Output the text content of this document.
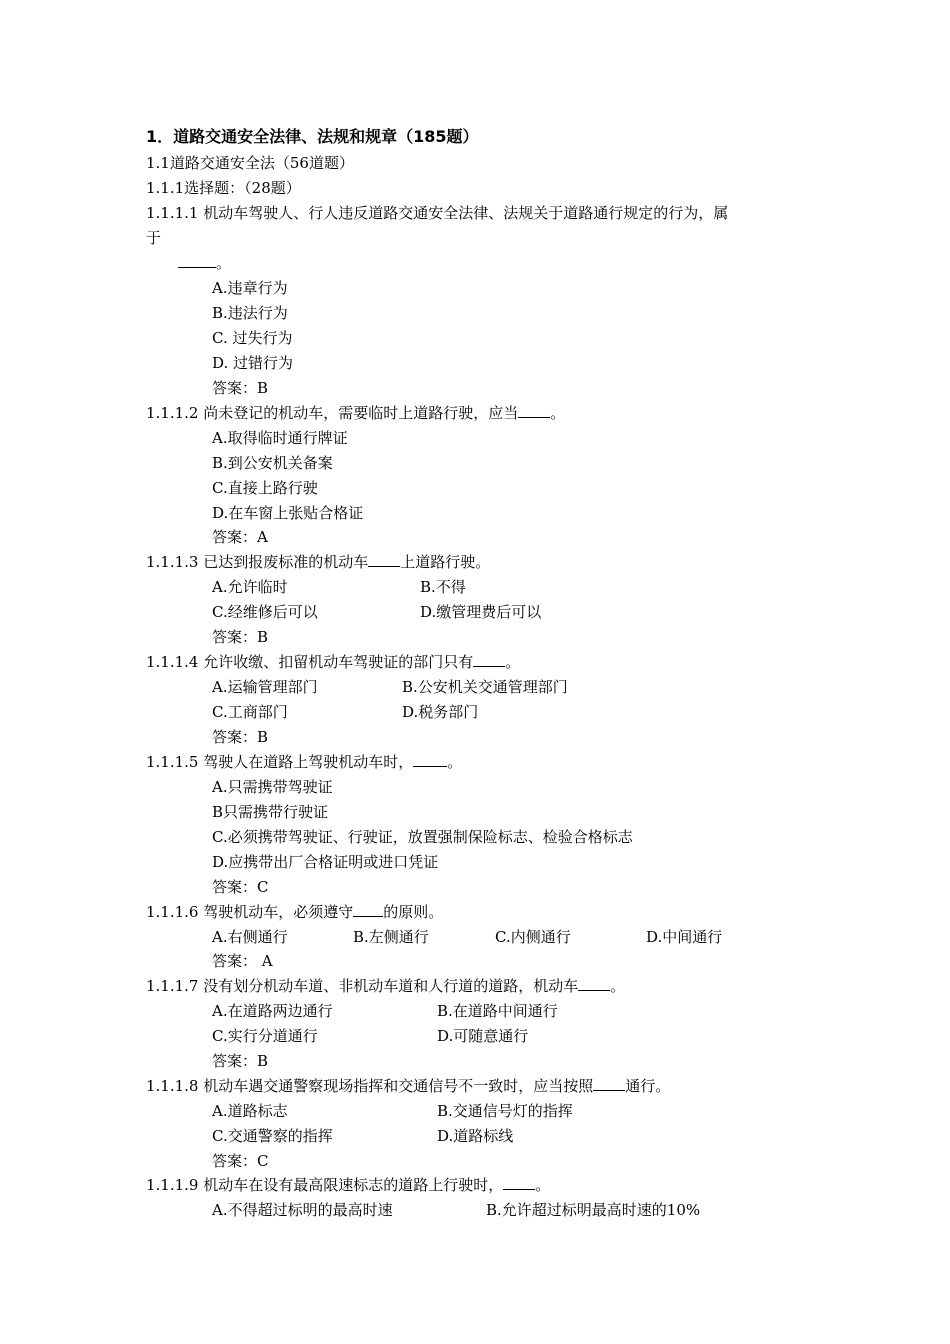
1．道路交通安全法律、法规和规章（185题）
1.1道路交通安全法（56道题）
1.1.1选择题：（28题）
1.1.1.1 机动车驾驶人、行人违反道路交通安全法律、法规关于道路通行规定的行为，属
于
。
A.违章行为
B.违法行为
C. 过失行为
D. 过错行为
答案：B
1.1.1.2 尚未登记的机动车，需要临时上道路行驶，应当 。
A.取得临时通行牌证
B.到公安机关备案
C.直接上路行驶
D.在车窗上张贴合格证
答案：A
1.1.1.3 已达到报废标准的机动车 上道路行驶。
A.允许临时	B.不得
C.经维修后可以	D.缴管理费后可以
答案：B
1.1.1.4 允许收缴、扣留机动车驾驶证的部门只有 。
A.运输管理部门	B.公安机关交通管理部门
C.工商部门	D.税务部门
答案：B
1.1.1.5 驾驶人在道路上驾驶机动车时， 。
A.只需携带驾驶证
B只需携带行驶证
C.必须携带驾驶证、行驶证，放置强制保险标志、检验合格标志
D.应携带出厂合格证明或进口凭证
答案：C
1.1.1.6 驾驶机动车，必须遵守 的原则。
A.右侧通行	B.左侧通行	C.内侧通行	D.中间通行
答案： A
1.1.1.7 没有划分机动车道、非机动车道和人行道的道路，机动车 。
A.在道路两边通行	B.在道路中间通行
C.实行分道通行	D.可随意通行
答案：B
1.1.1.8 机动车遇交通警察现场指挥和交通信号不一致时，应当按照 通行。
A.道路标志	B.交通信号灯的指挥
C.交通警察的指挥	D.道路标线
答案：C
1.1.1.9 机动车在设有最高限速标志的道路上行驶时， 。
A.不得超过标明的最高时速	B.允许超过标明最高时速的10%
